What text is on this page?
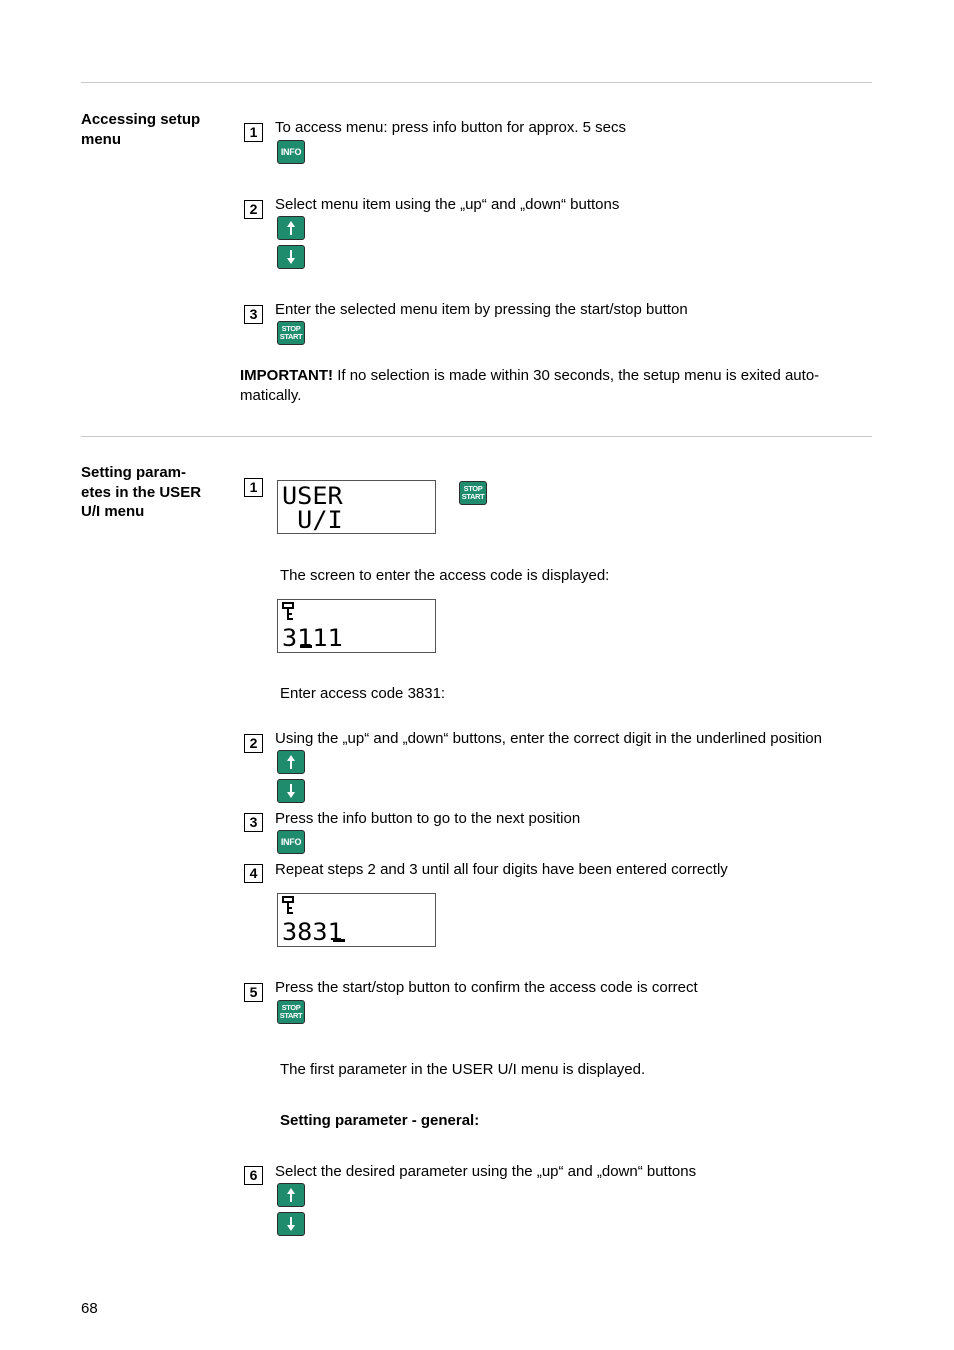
Accessing setup menu	1	To access menu: press info button for approx. 5 secs
INFO
2	Select menu item using the „up“ and „down“ buttons
3	Enter the selected menu item by pressing the start/stop button
STOP
START
IMPORTANT! If no selection is made within 30 seconds, the setup menu is exited auto-
matically.
Setting param-
etes in the USER
U/I menu
1 USER
U/I
STOP
START
The screen to enter the access code is displayed:
3111
Enter access code 3831:
2	Using the „up“ and „down“ buttons, enter the correct digit in the underlined position
3	Press the info button to go to the next position
INFO
4	Repeat steps 2 and 3 until all four digits have been entered correctly
3831
5	Press the start/stop button to confirm the access code is correct
STOP
START
The first parameter in the USER U/I menu is displayed.
Setting parameter - general:
6	Select the desired parameter using the „up“ and „down“ buttons
68
